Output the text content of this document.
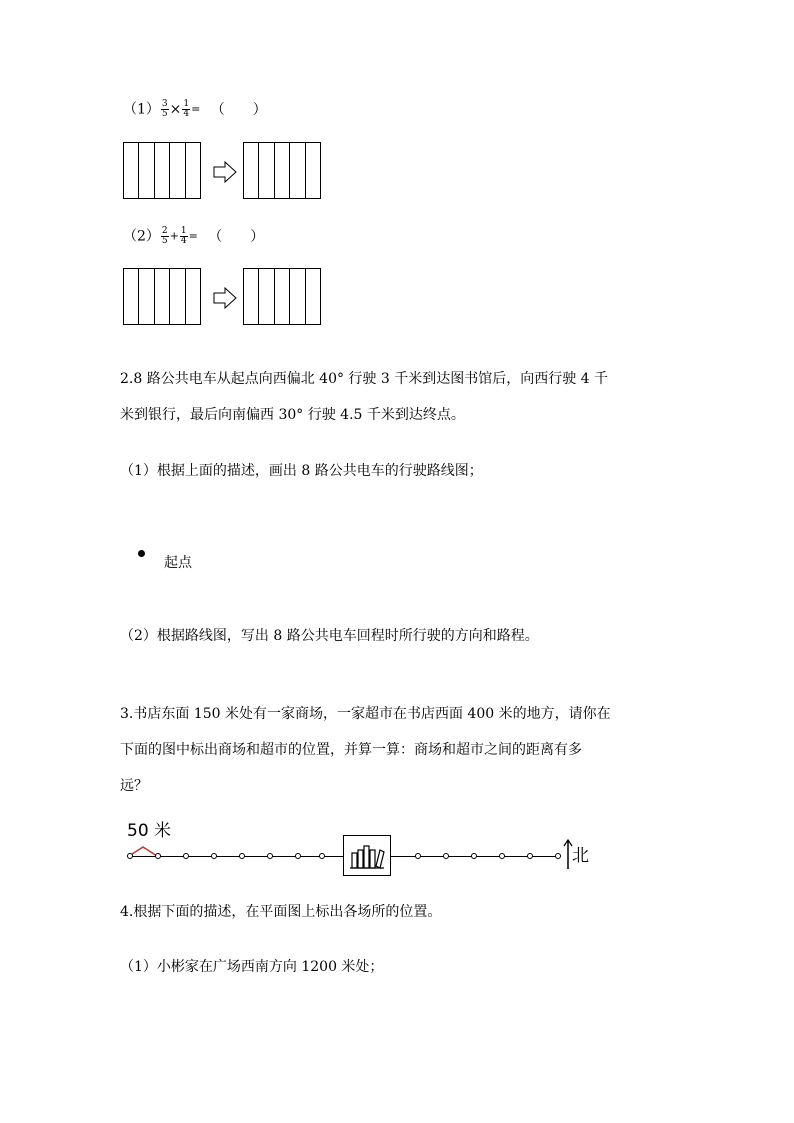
$(1) \frac{3}{5} \times \frac{1}{4}$ = （　　）
$(2) \frac{2}{5} + \frac{1}{4}$ = （　　）
2.8 路公共电车从起点向西偏北 40° 行驶 3 千米到达图书馆后，向西行驶 4 千
米到银行，最后向南偏西 30° 行驶 4.5 千米到达终点。
（1）根据上面的描述，画出 8 路公共电车的行驶路线图；
起点
（2）根据路线图，写出 8 路公共电车回程时所行驶的方向和路程。
3.书店东面 150 米处有一家商场，一家超市在书店西面 400 米的地方，请你在
下面的图中标出商场和超市的位置，并算一算：商场和超市之间的距离有多
远？
50 米
北
4.根据下面的描述，在平面图上标出各场所的位置。
（1）小彬家在广场西南方向 1200 米处；
